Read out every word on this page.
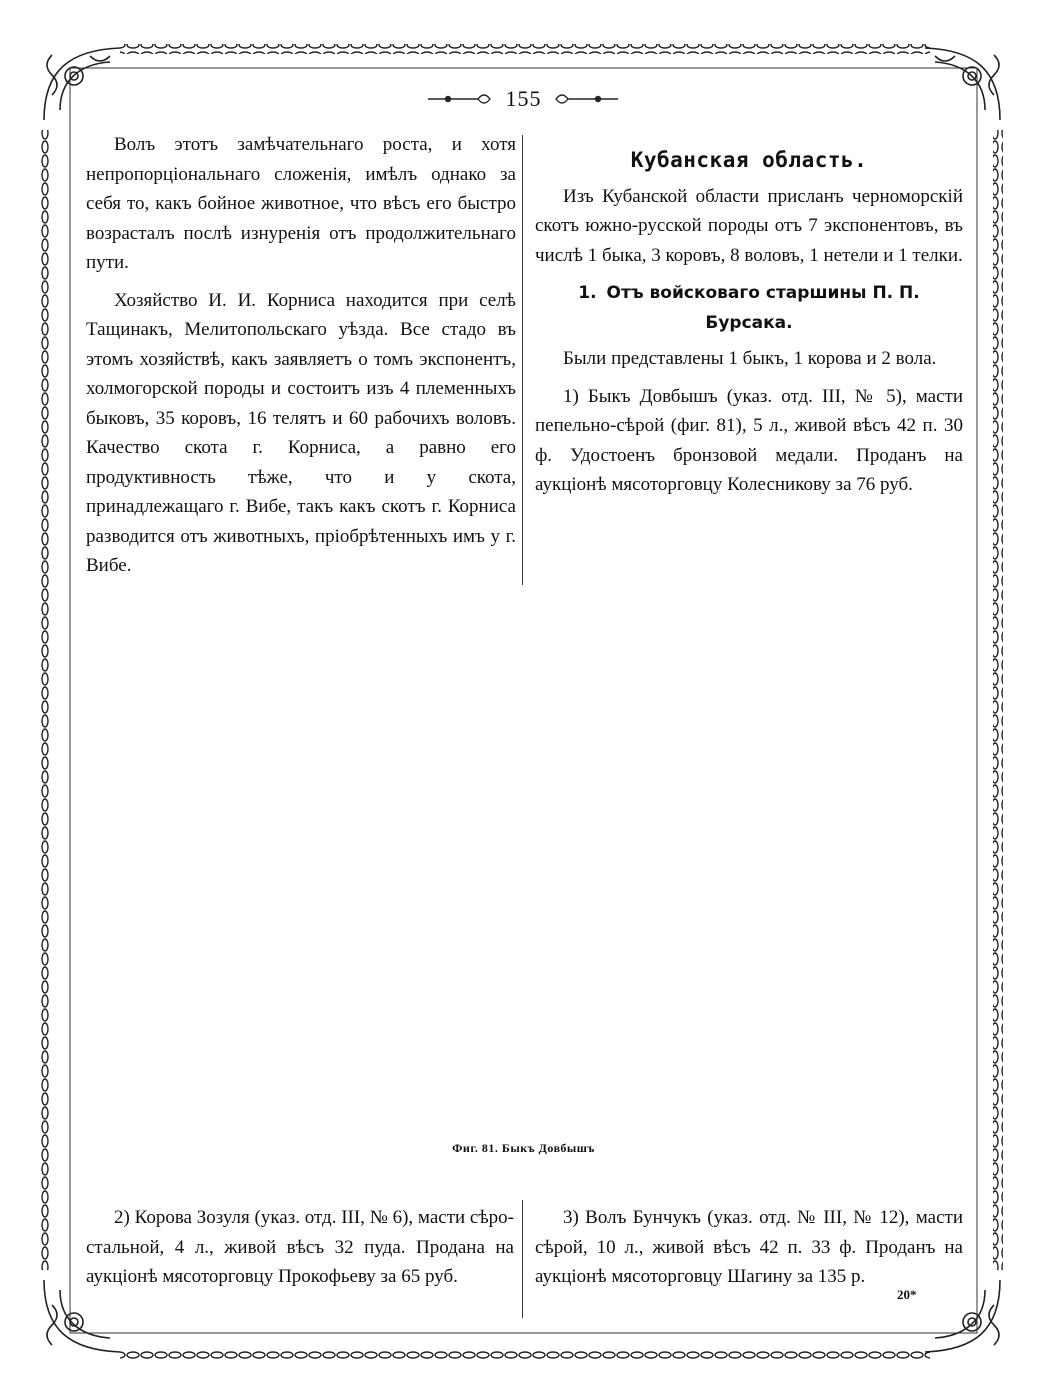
155

Волъ этотъ замѣчательнаго роста, и хотя непропорціональнаго сложенія, имѣлъ однако за себя то, какъ бойное животное, что вѣсъ его быстро возрасталъ послѣ изнуренія отъ продолжительнаго пути.

Хозяйство И. И. Корниса находится при селѣ Тащинакъ, Мелитопольскаго уѣзда. Все стадо въ этомъ хозяйствѣ, какъ заявляетъ о томъ экспонентъ, холмогорской породы и состоитъ изъ 4 племенныхъ быковъ, 35 коровъ, 16 телятъ и 60 рабочихъ воловъ. Качество скота г. Корниса, а равно его продуктивность тѣже, что и у скота, принадлежащаго г. Вибе, такъ какъ скотъ г. Корниса разводится отъ животныхъ, пріобрѣтенныхъ имъ у г. Вибе.

Кубанская область.

Изъ Кубанской области присланъ черноморскій скотъ южно-русской породы отъ 7 экспонентовъ, въ числѣ 1 быка, 3 коровъ, 8 воловъ, 1 нетели и 1 телки.

1. Отъ войсковаго старшины П. П. Бурсака.

Были представлены 1 быкъ, 1 корова и 2 вола.

1) Быкъ Довбышъ (указ. отд. III, № 5), масти пепельно-сѣрой (фиг. 81), 5 л., живой вѣсъ 42 п. 30 ф. Удостоенъ бронзовой медали. Проданъ на аукціонѣ мясоторговцу Колесникову за 76 руб.

Фиг. 81. Быкъ Довбышъ

2) Корова Зозуля (указ. отд. III, № 6), масти сѣро-стальной, 4 л., живой вѣсъ 32 пуда. Продана на аукціонѣ мясоторговцу Прокофьеву за 65 руб.

3) Волъ Бунчукъ (указ. отд. № III, № 12), масти сѣрой, 10 л., живой вѣсъ 42 п. 33 ф. Проданъ на аукціонѣ мясоторговцу Шагину за 135 р.

20*
